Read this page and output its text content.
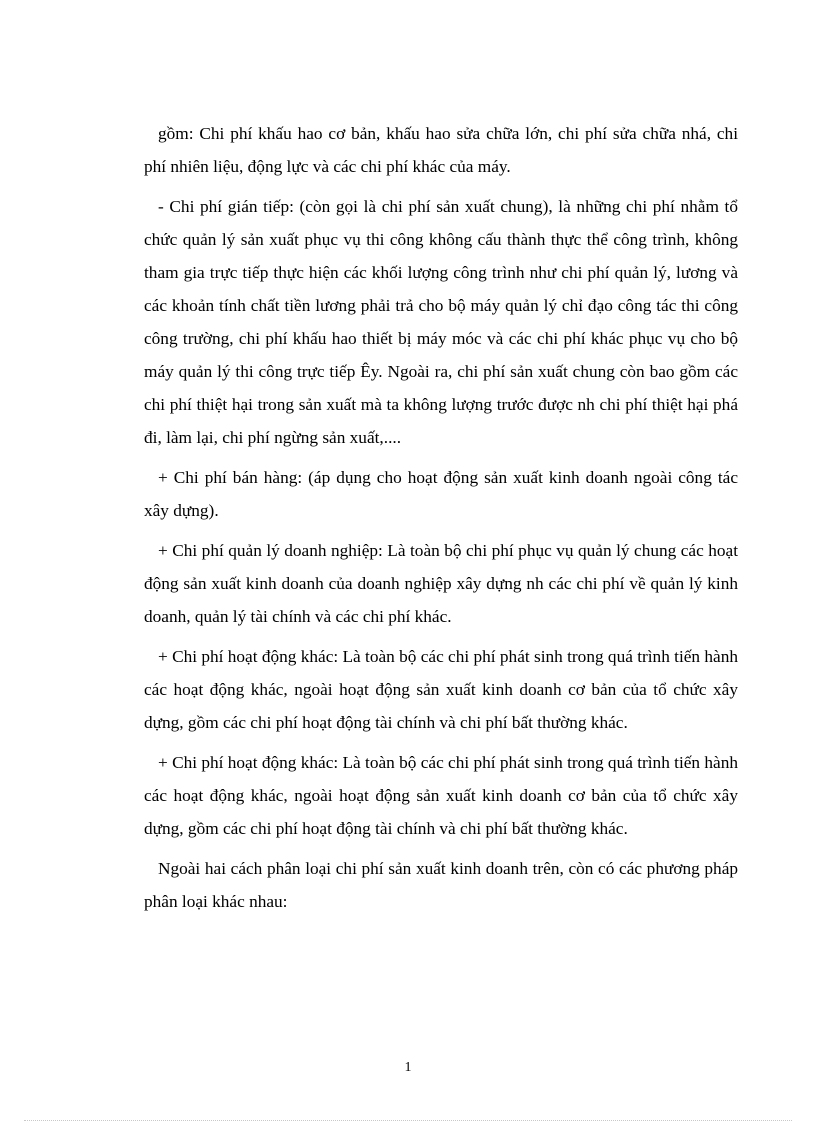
gồm: Chi phí khấu hao cơ bản, khấu hao sửa chữa lớn, chi phí sửa chữa nhá, chi phí nhiên liệu, động lực và các chi phí khác của máy.

- Chi phí gián tiếp: (còn gọi là chi phí sản xuất chung), là những chi phí nhằm tổ chức quản lý sản xuất phục vụ thi công không cấu thành thực thể công trình, không tham gia trực tiếp thực hiện các khối lượng công trình như chi phí quản lý, lương và các khoản tính chất tiền lương phải trả cho bộ máy quản lý chỉ đạo công tác thi công công trường, chi phí khấu hao thiết bị máy móc và các chi phí khác phục vụ cho bộ máy quản lý thi công trực tiếp Êy. Ngoài ra, chi phí sản xuất chung còn bao gồm các chi phí thiệt hại trong sản xuất mà ta không lượng trước được nh chi phí thiệt hại phá đi, làm lại, chi phí ngừng sản xuất,....

+ Chi phí bán hàng: (áp dụng cho hoạt động sản xuất kinh doanh ngoài công tác xây dựng).

+ Chi phí quản lý doanh nghiệp: Là toàn bộ chi phí phục vụ quản lý chung các hoạt động sản xuất kinh doanh của doanh nghiệp xây dựng nh các chi phí về quản lý kinh doanh, quản lý tài chính và các chi phí khác.

+ Chi phí hoạt động khác: Là toàn bộ các chi phí phát sinh trong quá trình tiến hành các hoạt động khác, ngoài hoạt động sản xuất kinh doanh cơ bản của tổ chức xây dựng, gồm các chi phí hoạt động tài chính và chi phí bất thường khác.

+ Chi phí hoạt động khác: Là toàn bộ các chi phí phát sinh trong quá trình tiến hành các hoạt động khác, ngoài hoạt động sản xuất kinh doanh cơ bản của tổ chức xây dựng, gồm các chi phí hoạt động tài chính và chi phí bất thường khác.

Ngoài hai cách phân loại chi phí sản xuất kinh doanh trên, còn có các phương pháp phân loại khác nhau:

1
